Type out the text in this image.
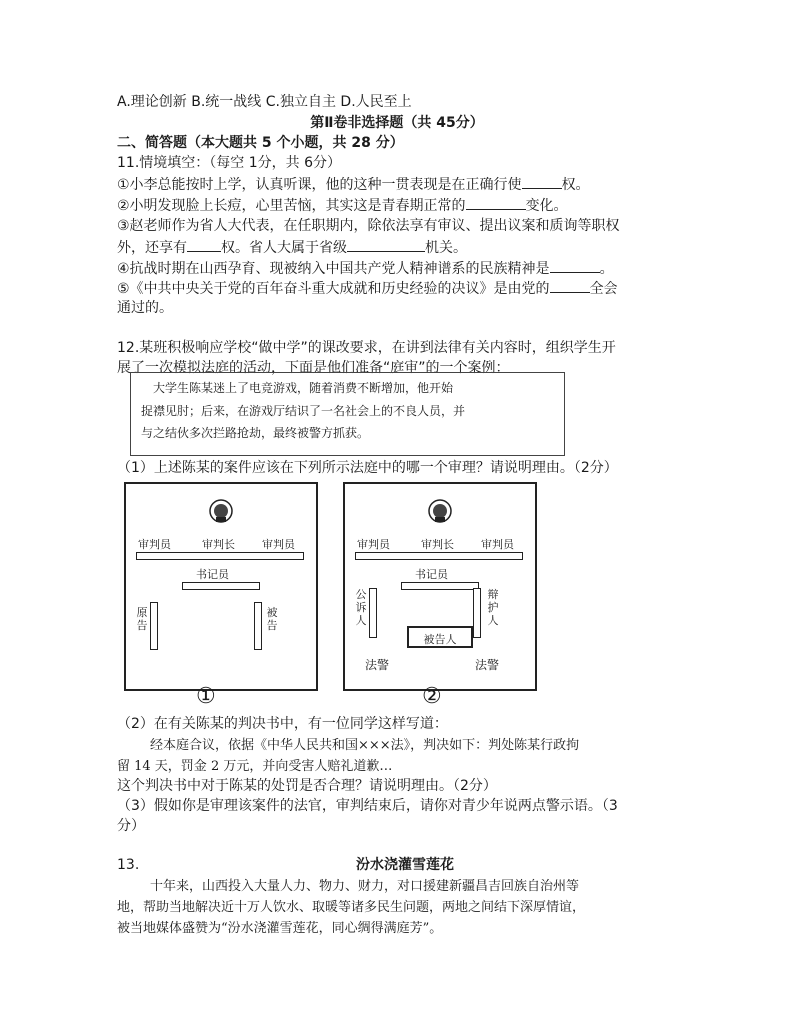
A.理论创新 B.统一战线 C.独立自主 D.人民至上
第Ⅱ卷非选择题（共 45分）
二、简答题（本大题共 5 个小题，共 28 分）
11.情境填空：（每空 1分，共 6分）
①小李总能按时上学，认真听课，他的这种一贯表现是在正确行使	权。
②小明发现脸上长痘，心里苦恼，其实这是青春期正常的	变化。
③赵老师作为省人大代表，在任职期内，除依法享有审议、提出议案和质询等职权
外，还享有 权。省人大属于省级	机关。
④抗战时期在山西孕育、现被纳入中国共产党人精神谱系的民族精神是	。
⑤《中共中央关于党的百年奋斗重大成就和历史经验的决议》是由党的	全会
通过的。
12.某班积极响应学校“做中学”的课改要求，在讲到法律有关内容时，组织学生开
展了一次模拟法庭的活动，下面是他们准备“庭审”的一个案例：
　大学生陈某迷上了电竞游戏，随着消费不断增加，他开始
捉襟见肘；后来，在游戏厅结识了一名社会上的不良人员，并
与之结伙多次拦路抢劫，最终被警方抓获。
（1）上述陈某的案件应该在下列所示法庭中的哪一个审理？请说明理由。（2分）
审判员	审判长 审判员
书记员
原告
被告
①
审判员	审判长 审判员
书记员
公诉人
辩护人
被告人
法警	法警
②
（2）在有关陈某的判决书中，有一位同学这样写道：
经本庭合议，依据《中华人民共和国×××法》，判决如下：判处陈某行政拘
留 14 天，罚金 2 万元，并向受害人赔礼道歉…
这个判决书中对于陈某的处罚是否合理？请说明理由。（2分）
（3）假如你是审理该案件的法官，审判结束后，请你对青少年说两点警示语。（3
分）
13.	汾水浇灌雪莲花
十年来，山西投入大量人力、物力、财力，对口援建新疆昌吉回族自治州等
地，帮助当地解决近十万人饮水、取暖等诸多民生问题，两地之间结下深厚情谊，
被当地媒体盛赞为“汾水浇灌雪莲花，同心绸得满庭芳”。
